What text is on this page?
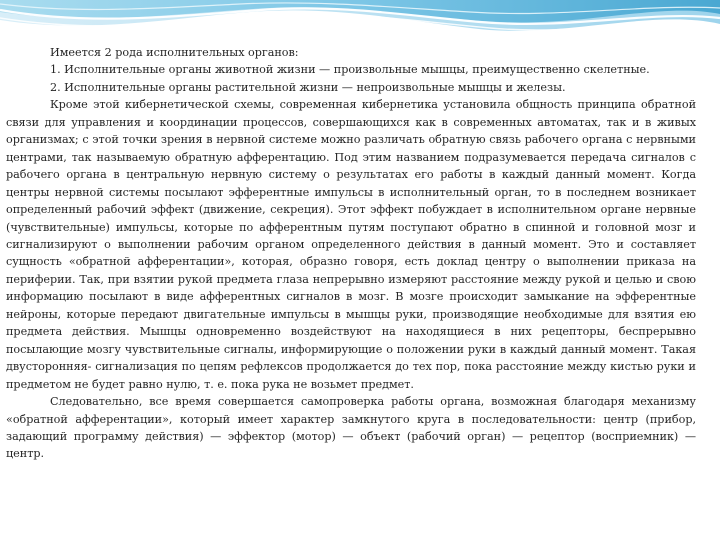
Имеется 2 рода исполнительных органов:

1. Исполнительные органы животной жизни — произвольные мышцы, преимущественно скелетные.

2. Исполнительные органы растительной жизни — непроизвольные мышцы и железы.

Кроме этой кибернетической схемы, современная кибернетика установила общность принципа обратной связи для управления и координации процессов, совершающихся как в современных автоматах, так и в живых организмах; с этой точки зрения в нервной системе можно различать обратную связь рабочего органа с нервными центрами, так называемую обратную афферентацию. Под этим названием подразумевается передача сигналов с рабочего органа в центральную нервную систему о результатах его работы в каждый данный момент. Когда центры нервной системы посылают эфферентные импульсы в исполнительный орган, то в последнем возникает определенный рабочий эффект (движение, секреция). Этот эффект побуждает в исполнительном органе нервные (чувствительные) импульсы, которые по афферентным путям поступают обратно в спинной и головной мозг и сигнализируют о выполнении рабочим органом определенного действия в данный момент. Это и составляет сущность «обратной афферентации», которая, образно говоря, есть доклад центру о выполнении приказа на периферии. Так, при взятии рукой предмета глаза непрерывно измеряют расстояние между рукой и целью и свою информацию посылают в виде афферентных сигналов в мозг. В мозге происходит замыкание на эфферентные нейроны, которые передают двигательные импульсы в мышцы руки, производящие необходимые для взятия ею предмета действия. Мышцы одновременно воздействуют на находящиеся в них рецепторы, беспрерывно посылающие мозгу чувствительные сигналы, информирующие о положении руки в каждый данный момент. Такая двусторонняя- сигнализация по цепям рефлексов продолжается до тех пор, пока расстояние между кистью руки и предметом не будет равно нулю, т. е. пока рука не возьмет предмет.

Следовательно, все время совершается самопроверка работы органа, возможная благодаря механизму «обратной афферентации», который имеет характер замкнутого круга в последовательности: центр (прибор, задающий программу действия) — эффектор (мотор) — объект (рабочий орган) — рецептор (восприемник) — центр.
